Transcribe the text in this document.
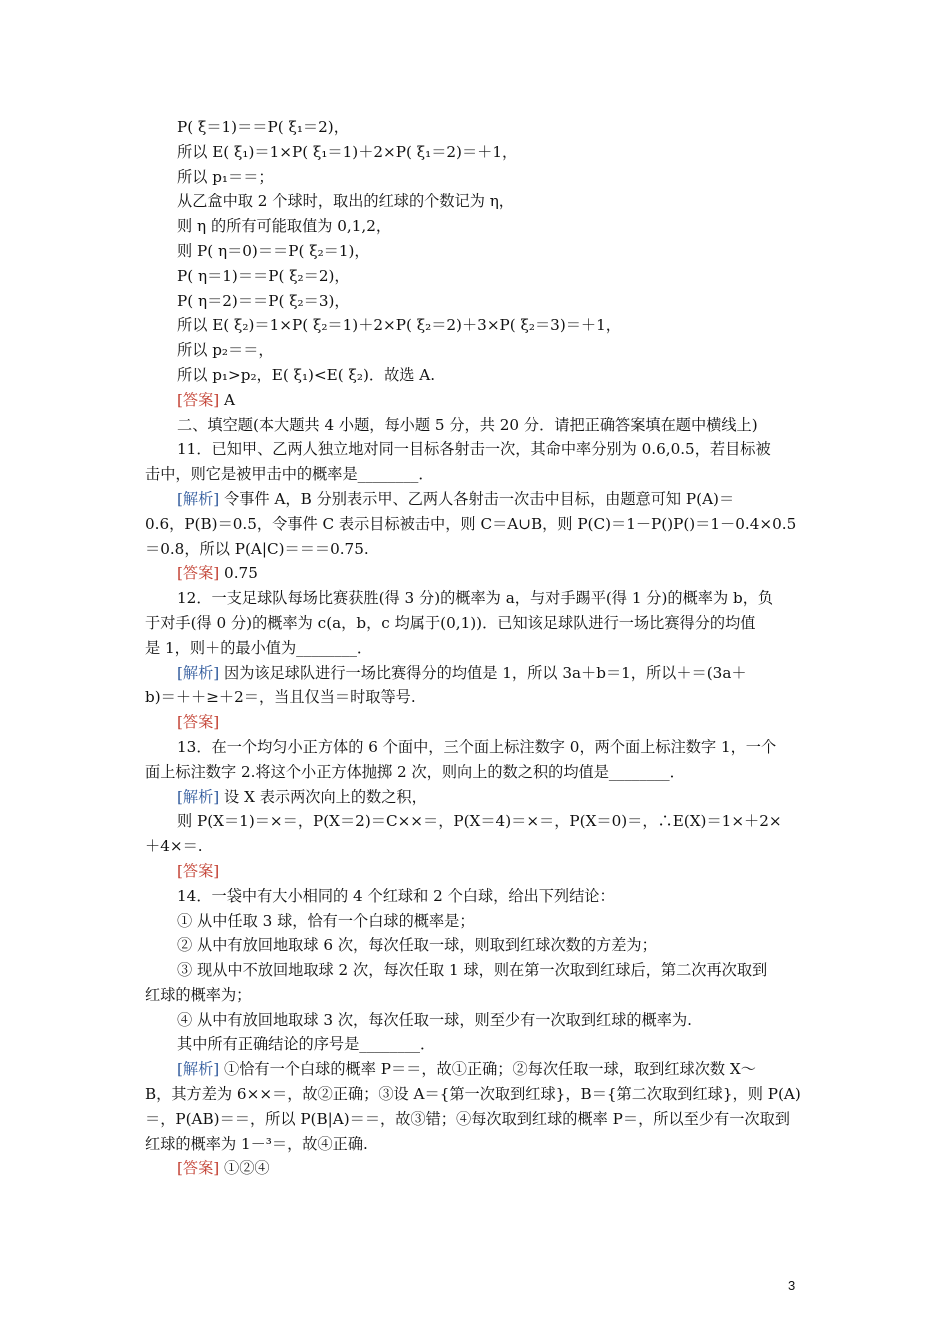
P( ξ＝1)＝＝P( ξ₁＝2)，
所以 E( ξ₁)＝1×P( ξ₁＝1)＋2×P( ξ₁＝2)＝＋1，
所以 p₁＝＝；
从乙盒中取 2 个球时，取出的红球的个数记为 η，
则 η 的所有可能取值为 0,1,2，
则 P( η＝0)＝＝P( ξ₂＝1)，
P( η＝1)＝＝P( ξ₂＝2)，
P( η＝2)＝＝P( ξ₂＝3)，
所以 E( ξ₂)＝1×P( ξ₂＝1)＋2×P( ξ₂＝2)＋3×P( ξ₂＝3)＝＋1，
所以 p₂＝＝，
所以 p₁>p₂，E( ξ₁)<E( ξ₂)．故选 A.
[答案] A
二、填空题(本大题共 4 小题，每小题 5 分，共 20 分．请把正确答案填在题中横线上)
11．已知甲、乙两人独立地对同一目标各射击一次，其命中率分别为 0.6,0.5，若目标被
击中，则它是被甲击中的概率是________．
[解析] 令事件 A，B 分别表示甲、乙两人各射击一次击中目标，由题意可知 P(A)＝
0.6，P(B)＝0.5，令事件 C 表示目标被击中，则 C＝A∪B，则 P(C)＝1－P()P()＝1－0.4×0.5
＝0.8，所以 P(A|C)＝＝＝0.75.
[答案] 0.75
12．一支足球队每场比赛获胜(得 3 分)的概率为 a，与对手踢平(得 1 分)的概率为 b，负
于对手(得 0 分)的概率为 c(a，b，c 均属于(0,1))．已知该足球队进行一场比赛得分的均值
是 1，则＋的最小值为________．
[解析] 因为该足球队进行一场比赛得分的均值是 1，所以 3a＋b＝1，所以＋＝(3a＋
b)＝＋＋≥＋2＝，当且仅当＝时取等号.
[答案]
13．在一个均匀小正方体的 6 个面中，三个面上标注数字 0，两个面上标注数字 1，一个
面上标注数字 2.将这个小正方体抛掷 2 次，则向上的数之积的均值是________．
[解析] 设 X 表示两次向上的数之积，
则 P(X＝1)＝×＝，P(X＝2)＝C××＝，P(X＝4)＝×＝，P(X＝0)＝，∴E(X)＝1×＋2×
＋4×＝.
[答案]
14．一袋中有大小相同的 4 个红球和 2 个白球，给出下列结论：
① 从中任取 3 球，恰有一个白球的概率是；
② 从中有放回地取球 6 次，每次任取一球，则取到红球次数的方差为；
③ 现从中不放回地取球 2 次，每次任取 1 球，则在第一次取到红球后，第二次再次取到
红球的概率为；
④ 从中有放回地取球 3 次，每次任取一球，则至少有一次取到红球的概率为.
其中所有正确结论的序号是________．
[解析] ①恰有一个白球的概率 P＝＝，故①正确；②每次任取一球，取到红球次数 X～
B，其方差为 6××＝，故②正确；③设 A＝{第一次取到红球}，B＝{第二次取到红球}，则 P(A)
＝，P(AB)＝＝，所以 P(B|A)＝＝，故③错；④每次取到红球的概率 P＝，所以至少有一次取到
红球的概率为 1－³＝，故④正确.
[答案] ①②④
3
